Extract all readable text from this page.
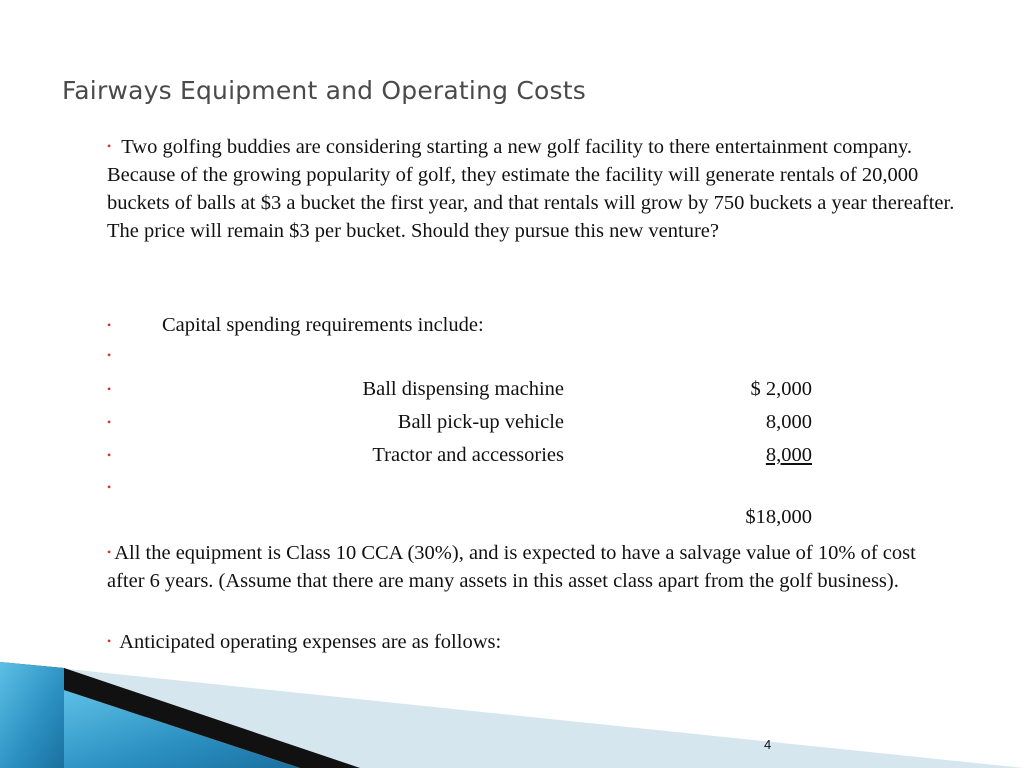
Fairways Equipment and Operating Costs
• Two golfing buddies are considering starting a new golf facility to there entertainment company. Because of the growing popularity of golf, they estimate the facility will generate rentals of 20,000 buckets of balls at $3 a bucket the first year, and that rentals will grow by 750 buckets a year thereafter. The price will remain $3 per bucket. Should they pursue this new venture?
• Capital spending requirements include:
•
•	Ball dispensing machine	$ 2,000
•	Ball pick-up vehicle	8,000
•	Tractor and accessories	8,000
•
$18,000
• All the equipment is Class 10 CCA (30%), and is expected to have a salvage value of 10% of cost after 6 years. (Assume that there are many assets in this asset class apart from the golf business).
• Anticipated operating expenses are as follows:
4
